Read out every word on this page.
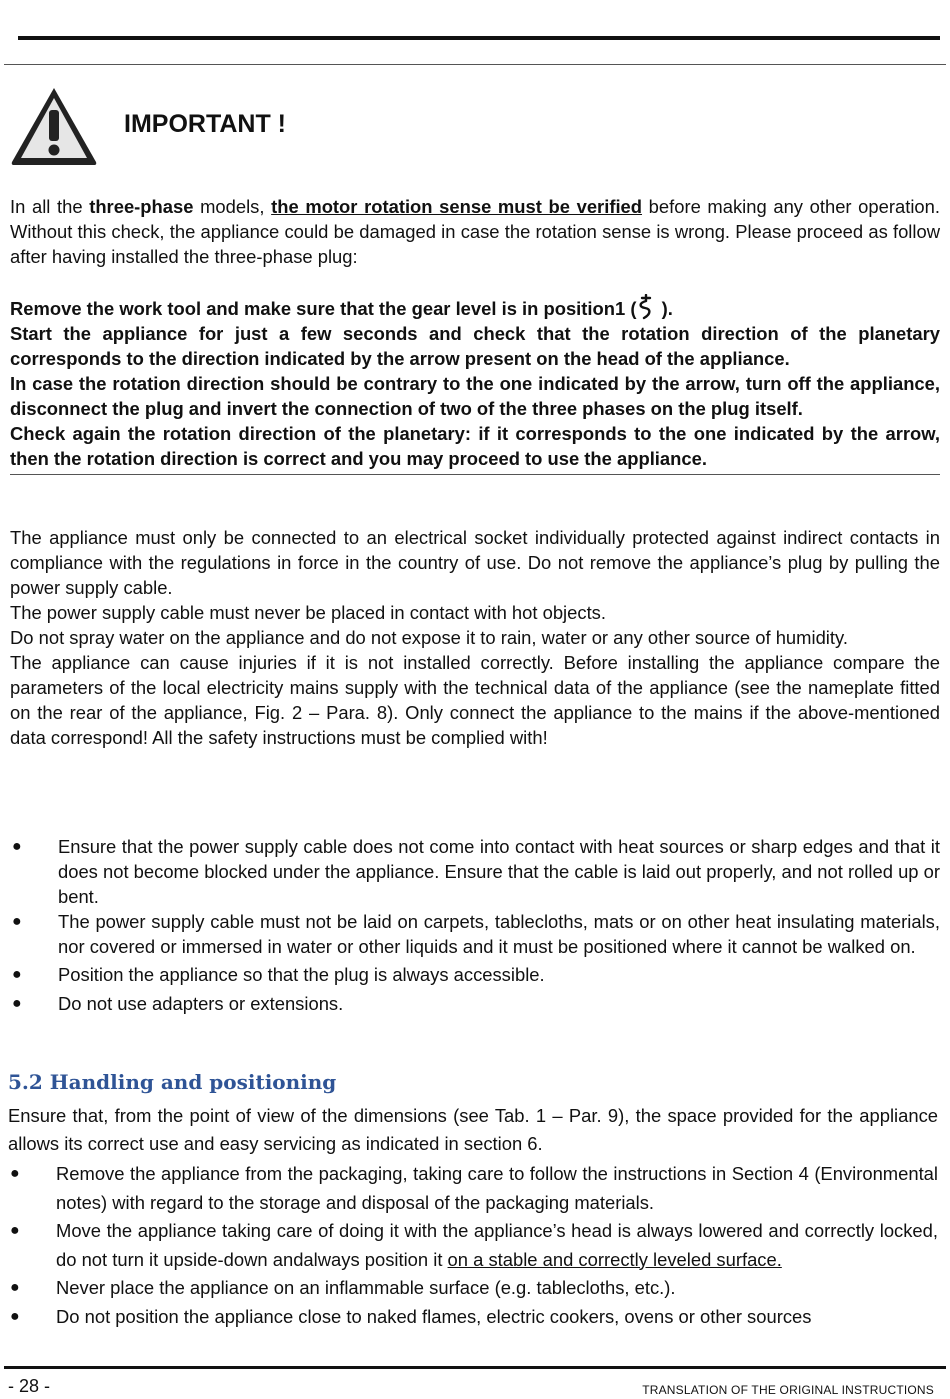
IMPORTANT !

In all the three-phase models, the motor rotation sense must be verified before making any other operation. Without this check, the appliance could be damaged in case the rotation sense is wrong. Please proceed as follow after having installed the three-phase plug:

Remove the work tool and make sure that the gear level is in position1 ( ).

Start the appliance for just a few seconds and check that the rotation direction of the planetary corresponds to the direction indicated by the arrow present on the head of the appliance.

In case the rotation direction should be contrary to the one indicated by the arrow, turn off the appliance, disconnect the plug and invert the connection of two of the three phases on the plug itself.

Check again the rotation direction of the planetary: if it corresponds to the one indicated by the arrow, then the rotation direction is correct and you may proceed to use the appliance.

The appliance must only be connected to an electrical socket individually protected against indirect contacts in compliance with the regulations in force in the country of use. Do not remove the appliance’s plug by pulling the power supply cable.

The power supply cable must never be placed in contact with hot objects.

Do not spray water on the appliance and do not expose it to rain, water or any other source of humidity.

The appliance can cause injuries if it is not installed correctly. Before installing the appliance compare the parameters of the local electricity mains supply with the technical data of the appliance (see the nameplate fitted on the rear of the appliance, Fig. 2 – Para. 8). Only connect the appliance to the mains if the above-mentioned data correspond! All the safety instructions must be complied with!

● Ensure that the power supply cable does not come into contact with heat sources or sharp edges and that it does not become blocked under the appliance. Ensure that the cable is laid out properly, and not rolled up or bent.
● The power supply cable must not be laid on carpets, tablecloths, mats or on other heat insulating materials, nor covered or immersed in water or other liquids and it must be positioned where it cannot be walked on.
● Position the appliance so that the plug is always accessible.
● Do not use adapters or extensions.
5.2 Handling and positioning

Ensure that, from the point of view of the dimensions (see Tab. 1 – Par. 9), the space provided for the appliance allows its correct use and easy servicing as indicated in section 6.

● Remove the appliance from the packaging, taking care to follow the instructions in Section 4 (Environmental notes) with regard to the storage and disposal of the packaging materials.
● Move the appliance taking care of doing it with the appliance’s head is always lowered and correctly locked, do not turn it upside-down andalways position it on a stable and correctly leveled surface.
● Never place the appliance on an inflammable surface (e.g. tablecloths, etc.).
● Do not position the appliance close to naked flames, electric cookers, ovens or other sources
- 28 -	TRANSLATION OF THE ORIGINAL INSTRUCTIONS
